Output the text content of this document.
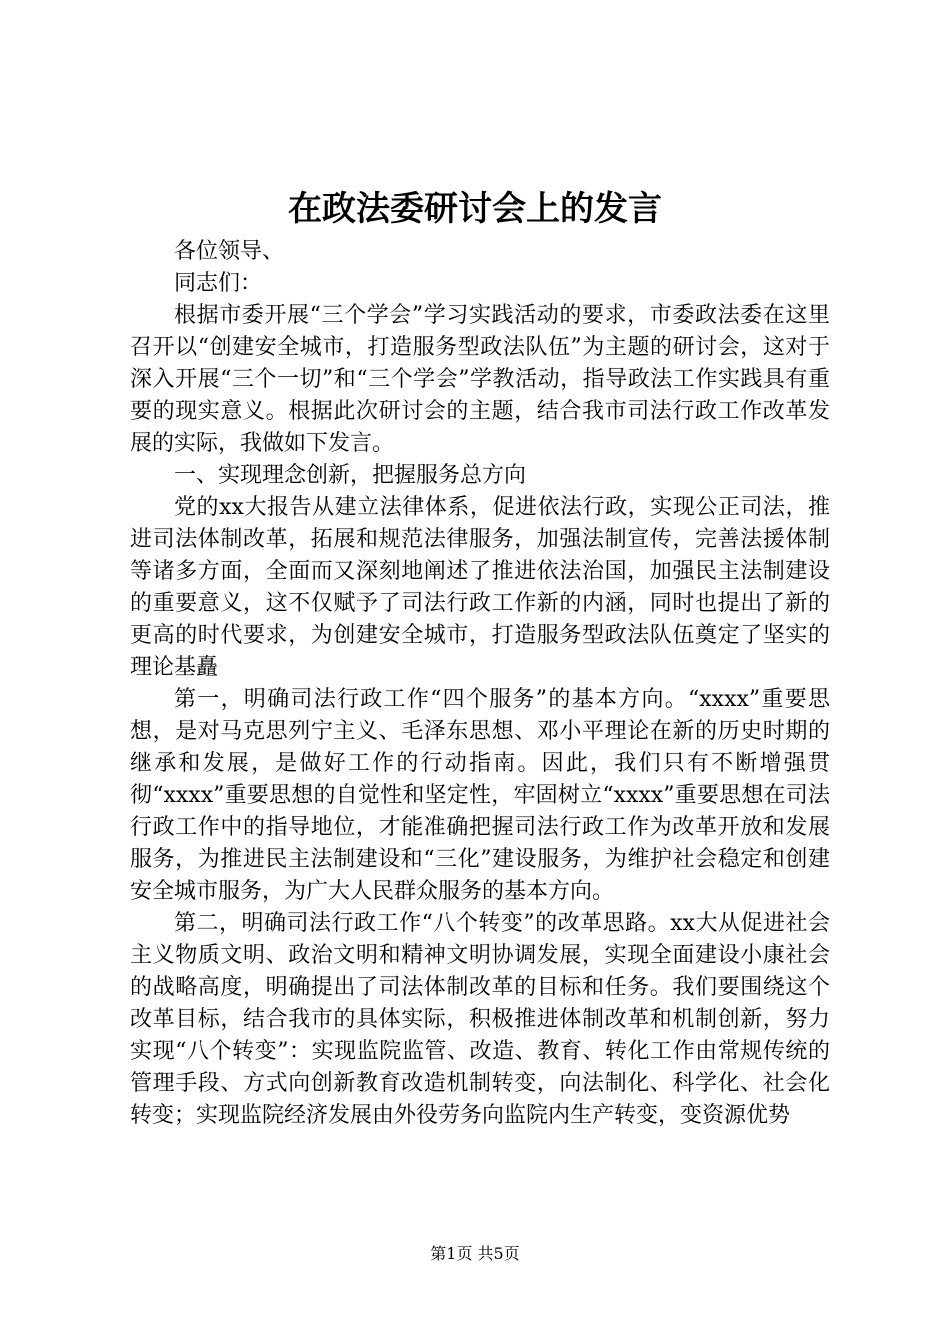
在政法委研讨会上的发言

各位领导、

同志们：

根据市委开展“三个学会”学习实践活动的要求，市委政法委在这里召开以“创建安全城市，打造服务型政法队伍”为主题的研讨会，这对于深入开展“三个一切”和“三个学会”学教活动，指导政法工作实践具有重要的现实意义。根据此次研讨会的主题，结合我市司法行政工作改革发展的实际，我做如下发言。

一、实现理念创新，把握服务总方向

党的xx大报告从建立法律体系，促进依法行政，实现公正司法，推进司法体制改革，拓展和规范法律服务，加强法制宣传，完善法援体制等诸多方面，全面而又深刻地阐述了推进依法治国，加强民主法制建设的重要意义，这不仅赋予了司法行政工作新的内涵，同时也提出了新的更高的时代要求，为创建安全城市，打造服务型政法队伍奠定了坚实的理论基矗

第一，明确司法行政工作“四个服务”的基本方向。“xxxx”重要思想，是对马克思列宁主义、毛泽东思想、邓小平理论在新的历史时期的继承和发展，是做好工作的行动指南。因此，我们只有不断增强贯彻“xxxx”重要思想的自觉性和坚定性，牢固树立“xxxx”重要思想在司法行政工作中的指导地位，才能准确把握司法行政工作为改革开放和发展服务，为推进民主法制建设和“三化”建设服务，为维护社会稳定和创建安全城市服务，为广大人民群众服务的基本方向。

第二，明确司法行政工作“八个转变”的改革思路。xx大从促进社会主义物质文明、政治文明和精神文明协调发展，实现全面建设小康社会的战略高度，明确提出了司法体制改革的目标和任务。我们要围绕这个改革目标，结合我市的具体实际，积极推进体制改革和机制创新，努力实现“八个转变”：实现监院监管、改造、教育、转化工作由常规传统的管理手段、方式向创新教育改造机制转变，向法制化、科学化、社会化转变；实现监院经济发展由外役劳务向监院内生产转变，变资源优势

第1页 共5页
